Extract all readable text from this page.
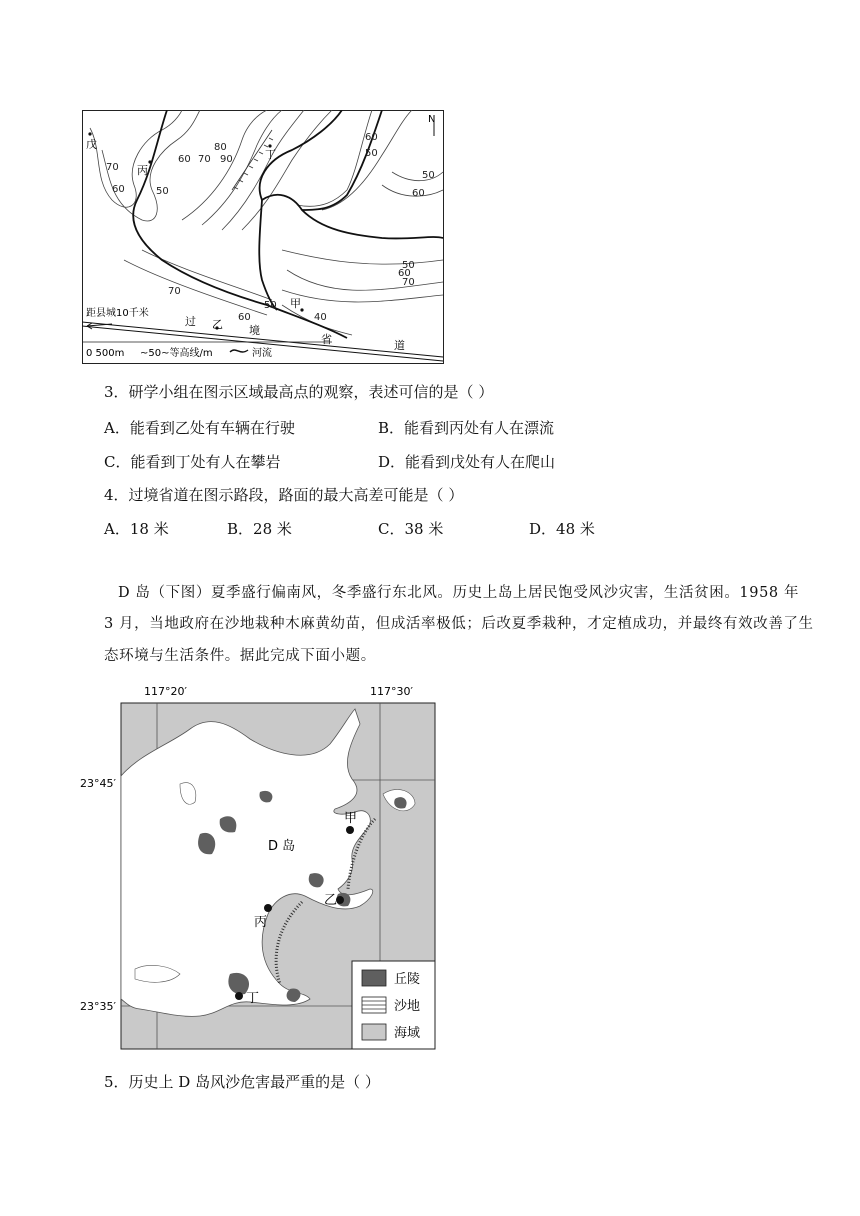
N
戊
丙
丁
甲
乙
70
60	50
60 70 90
80
60
50
50
60
50
60
70
70
60
50
40
距县城10千米
过
境
省	道
0 500m ~50~等高线/m	河流
3．研学小组在图示区域最高点的观察，表述可信的是（ ）
A．能看到乙处有车辆在行驶	B．能看到丙处有人在漂流
C．能看到丁处有人在攀岩	D．能看到戊处有人在爬山
4．过境省道在图示路段，路面的最大高差可能是（ ）
A．18 米	B．28 米	C．38 米	D．48 米
D 岛（下图）夏季盛行偏南风，冬季盛行东北风。历史上岛上居民饱受风沙灾害，生活贫困。1958 年
3 月，当地政府在沙地栽种木麻黄幼苗，但成活率极低；后改夏季栽种，才定植成功，并最终有效改善了生
态环境与生活条件。据此完成下面小题。
117°20′	117°30′
23°45′
23°35′
甲
乙
丙
丁
D 岛
丘陵
沙地
海域
5．历史上 D 岛风沙危害最严重的是（ ）
